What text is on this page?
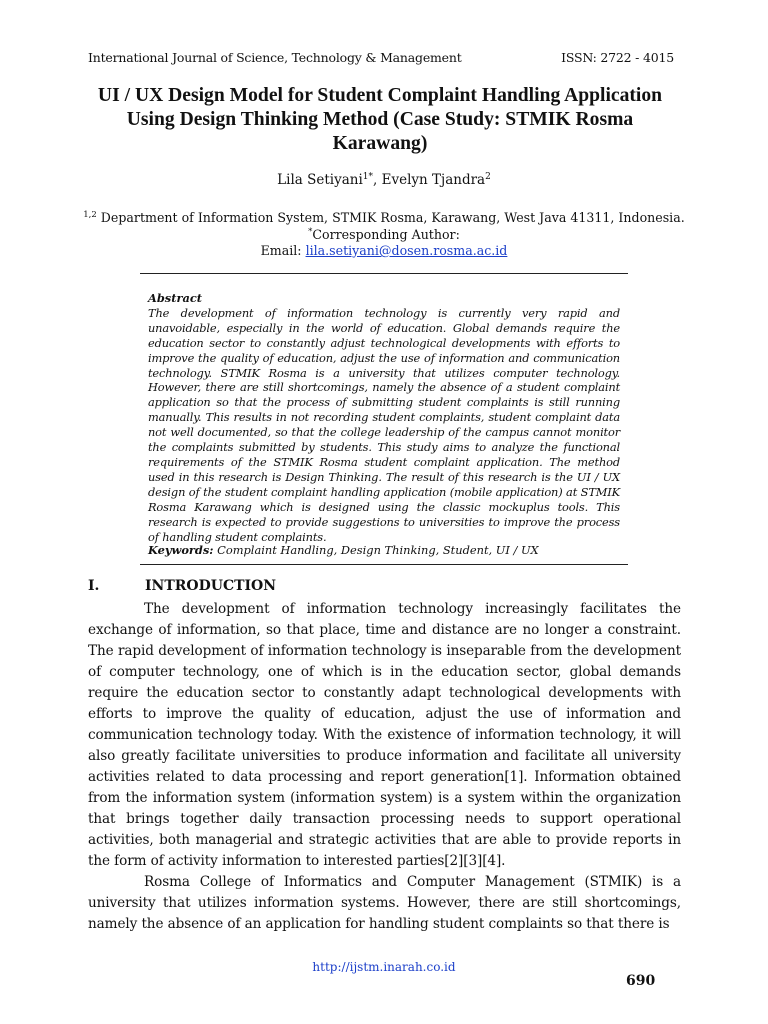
International Journal of Science, Technology & Management	ISSN: 2722 - 4015
UI / UX Design Model for Student Complaint Handling Application Using Design Thinking Method (Case Study: STMIK Rosma Karawang)
Lila Setiyani$^{1*}$, Evelyn Tjandra$^2$
$^{1,2}$ Department of Information System, STMIK Rosma, Karawang, West Java 41311, Indonesia.
*Corresponding Author:
Email: lila.setiyani@dosen.rosma.ac.id
Abstract
The development of information technology is currently very rapid and unavoidable, especially in the world of education. Global demands require the education sector to constantly adjust technological developments with efforts to improve the quality of education, adjust the use of information and communication technology. STMIK Rosma is a university that utilizes computer technology. However, there are still shortcomings, namely the absence of a student complaint application so that the process of submitting student complaints is still running manually. This results in not recording student complaints, student complaint data not well documented, so that the college leadership of the campus cannot monitor the complaints submitted by students. This study aims to analyze the functional requirements of the STMIK Rosma student complaint application. The method used in this research is Design Thinking. The result of this research is the UI / UX design of the student complaint handling application (mobile application) at STMIK Rosma Karawang which is designed using the classic mockuplus tools. This research is expected to provide suggestions to universities to improve the process of handling student complaints.
Keywords: Complaint Handling, Design Thinking, Student, UI / UX
I.	INTRODUCTION

The development of information technology increasingly facilitates the exchange of information, so that place, time and distance are no longer a constraint. The rapid development of information technology is inseparable from the development of computer technology, one of which is in the education sector, global demands require the education sector to constantly adapt technological developments with efforts to improve the quality of education, adjust the use of information and communication technology today. With the existence of information technology, it will also greatly facilitate universities to produce information and facilitate all university activities related to data processing and report generation[1]. Information obtained from the information system (information system) is a system within the organization that brings together daily transaction processing needs to support operational activities, both managerial and strategic activities that are able to provide reports in the form of activity information to interested parties[2][3][4].

Rosma College of Informatics and Computer Management (STMIK) is a university that utilizes information systems. However, there are still shortcomings, namely the absence of an application for handling student complaints so that there is

http://ijstm.inarah.co.id
690
